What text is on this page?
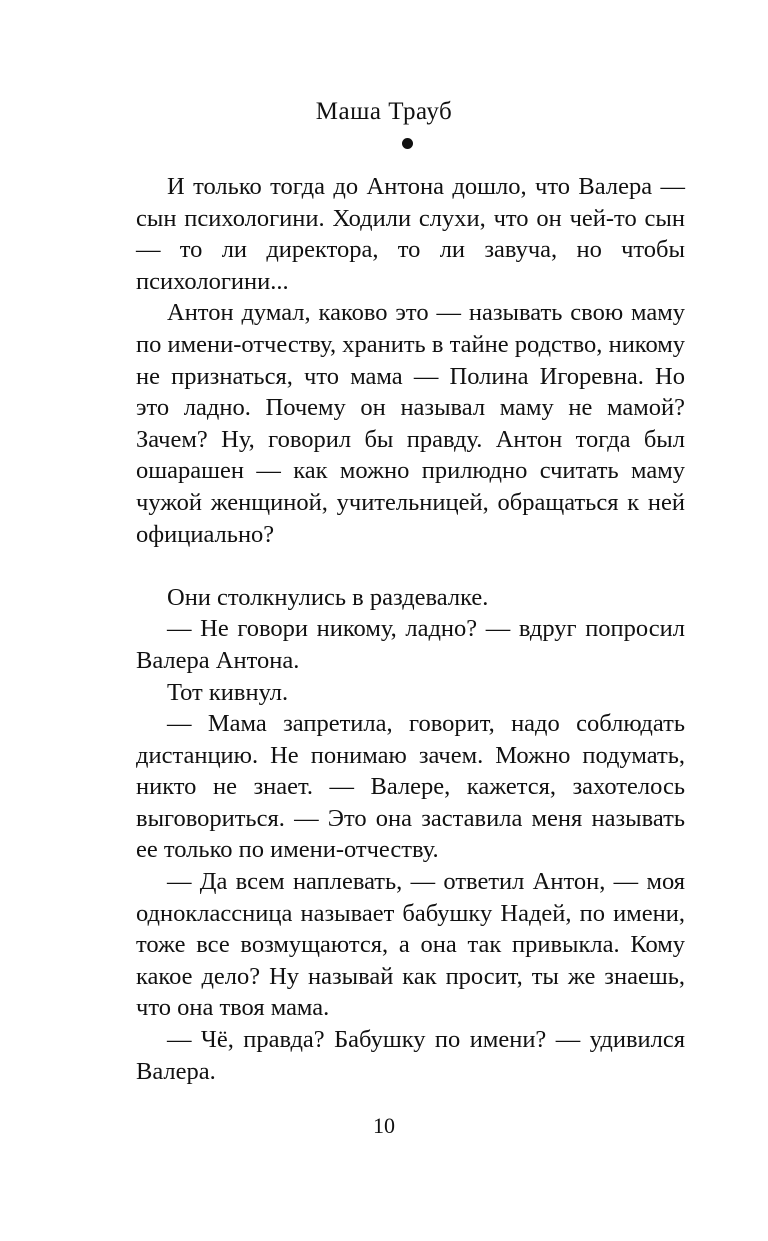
Маша Трауб

И только тогда до Антона дошло, что Валера — сын психологини. Ходили слухи, что он чей-то сын — то ли директора, то ли завуча, но чтобы психологини...

Антон думал, каково это — называть свою маму по имени-отчеству, хранить в тайне родство, никому не признаться, что мама — Полина Игоревна. Но это ладно. Почему он называл маму не мамой? Зачем? Ну, говорил бы правду. Антон тогда был ошарашен — как можно прилюдно считать маму чужой женщиной, учительницей, обращаться к ней официально?

Они столкнулись в раздевалке.

— Не говори никому, ладно? — вдруг попросил Валера Антона.

Тот кивнул.

— Мама запретила, говорит, надо соблюдать дистанцию. Не понимаю зачем. Можно подумать, никто не знает. — Валере, кажется, захотелось выговориться. — Это она заставила меня называть ее только по имени-отчеству.

— Да всем наплевать, — ответил Антон, — моя одноклассница называет бабушку Надей, по имени, тоже все возмущаются, а она так привыкла. Кому какое дело? Ну называй как просит, ты же знаешь, что она твоя мама.

— Чё, правда? Бабушку по имени? — удивился Валера.

10
